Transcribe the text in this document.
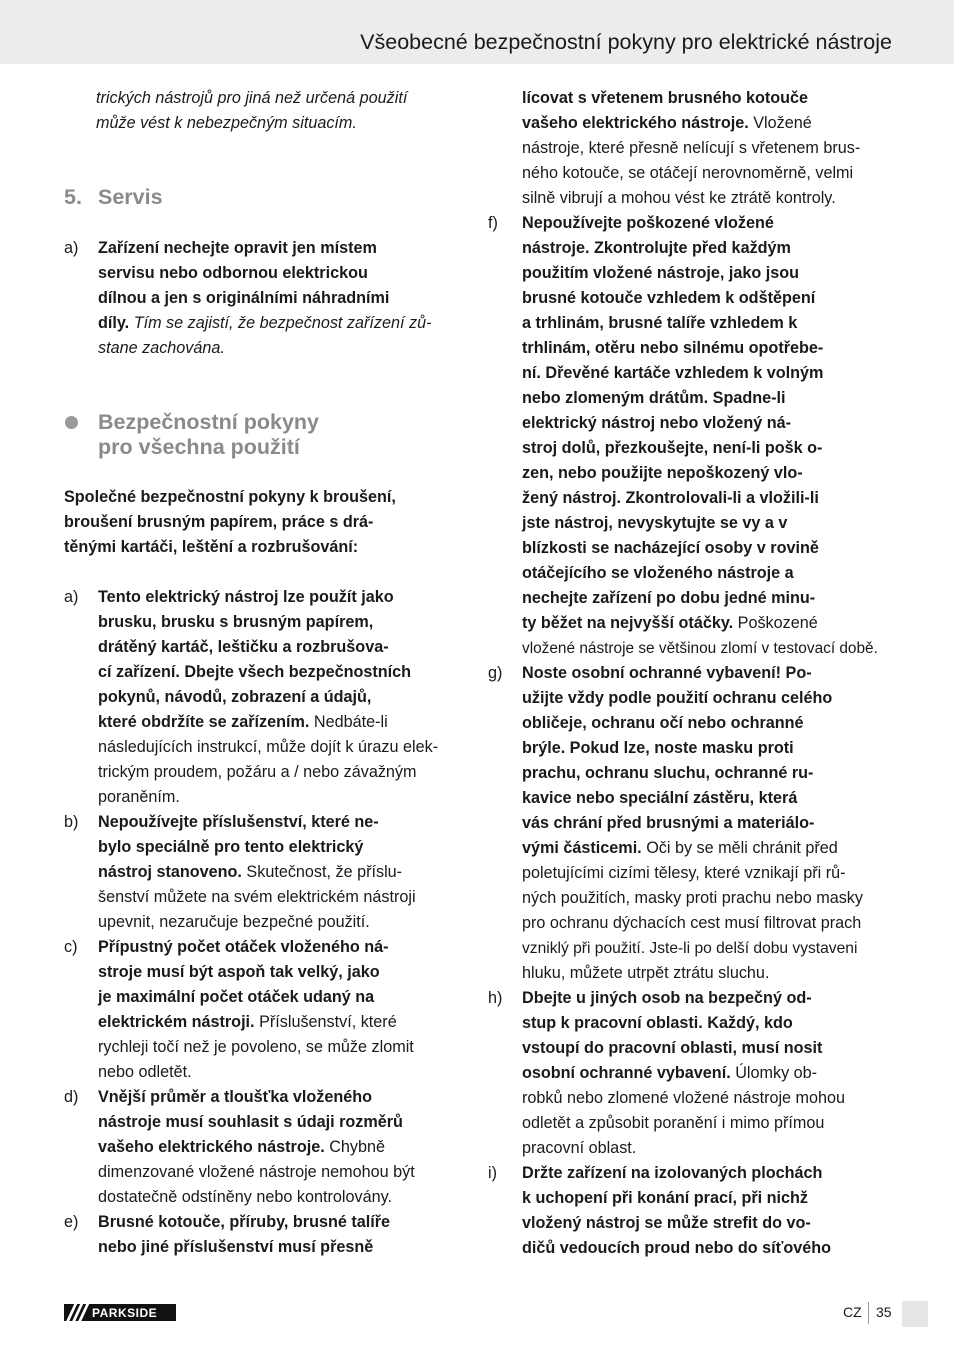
Všeobecné bezpečnostní pokyny pro elektrické nástroje

trických nástrojů pro jiná než určená použití
může vést k nebezpečným situacím.

5. Servis
a)	Zařízení nechejte opravit jen místem
servisu nebo odbornou elektrickou
dílnou a jen s originálními náhradními
díly. Tím se zajistí, že bezpečnost zařízení zů-
stane zachována.
Bezpečnostní pokyny
pro všechna použití

Společné bezpečnostní pokyny k broušení,
broušení brusným papírem, práce s drá-
těnými kartáči, leštění a rozbrušování:

a)	Tento elektrický nástroj lze použít jako
brusku, brusku s brusným papírem,
drátěný kartáč, leštičku a rozbrušova-
cí zařízení. Dbejte všech bezpečnostních
pokynů, návodů, zobrazení a údajů,
které obdržíte se zařízením. Nedbáte-li
následujících instrukcí, může dojít k úrazu elek-
trickým proudem, požáru a / nebo závažným
poraněním.
b)	Nepoužívejte příslušenství, které ne-
bylo speciálně pro tento elektrický
nástroj stanoveno. Skutečnost, že příslu-
šenství můžete na svém elektrickém nástroji
upevnit, nezaručuje bezpečné použití.
c)	Přípustný počet otáček vloženého ná-
stroje musí být aspoň tak velký, jako
je maximální počet otáček udaný na
elektrickém nástroji. Příslušenství, které
rychleji točí než je povoleno, se může zlomit
nebo odletět.
d)	Vnější průměr a tloušťka vloženého
nástroje musí souhlasit s údaji rozměrů
vašeho elektrického nástroje. Chybně
dimenzované vložené nástroje nemohou být
dostatečně odstíněny nebo kontrolovány.
e)	Brusné kotouče, příruby, brusné talíře
nebo jiné příslušenství musí přesně
lícovat s vřetenem brusného kotouče
vašeho elektrického nástroje. Vložené
nástroje, které přesně nelícují s vřetenem brus-
ného kotouče, se otáčejí nerovnoměrně, velmi
silně vibrují a mohou vést ke ztrátě kontroly.
f)	Nepoužívejte poškozené vložené
nástroje. Zkontrolujte před každým
použitím vložené nástroje, jako jsou
brusné kotouče vzhledem k odštěpení
a trhlinám, brusné talíře vzhledem k
trhlinám, otěru nebo silnému opotřebe-
ní. Dřevěné kartáče vzhledem k volným
nebo zlomeným drátům. Spadne-li
elektrický nástroj nebo vložený ná-
stroj dolů, přezkoušejte, není-li pošk o-
zen, nebo použijte nepoškozený vlo-
žený nástroj. Zkontrolovali-li a vložili-li
jste nástroj, nevyskytujte se vy a v
blízkosti se nacházející osoby v rovině
otáčejícího se vloženého nástroje a
nechejte zařízení po dobu jedné minu-
ty běžet na nejvyšší otáčky. Poškozené
vložené nástroje se většinou zlomí v testovací době.
g)	Noste osobní ochranné vybavení! Po-
užijte vždy podle použití ochranu celého
obličeje, ochranu očí nebo ochranné
brýle. Pokud lze, noste masku proti
prachu, ochranu sluchu, ochranné ru-
kavice nebo speciální zástěru, která
vás chrání před brusnými a materiálo-
vými částicemi. Oči by se měli chránit před
poletujícími cizími tělesy, které vznikají při rů-
ných použitích, masky proti prachu nebo masky
pro ochranu dýchacích cest musí filtrovat prach
vzniklý při použití. Jste-li po delší dobu vystaveni
hluku, můžete utrpět ztrátu sluchu.
h)	Dbejte u jiných osob na bezpečný od-
stup k pracovní oblasti. Každý, kdo
vstoupí do pracovní oblasti, musí nosit
osobní ochranné vybavení. Úlomky ob-
robků nebo zlomené vložené nástroje mohou
odletět a způsobit poranění i mimo přímou
pracovní oblast.
i)	Držte zařízení na izolovaných plochách
k uchopení při konání prací, při nichž
vložený nástroj se může strefit do vo-
dičů vedoucích proud nebo do síťového
PARKSIDE	CZ 35
